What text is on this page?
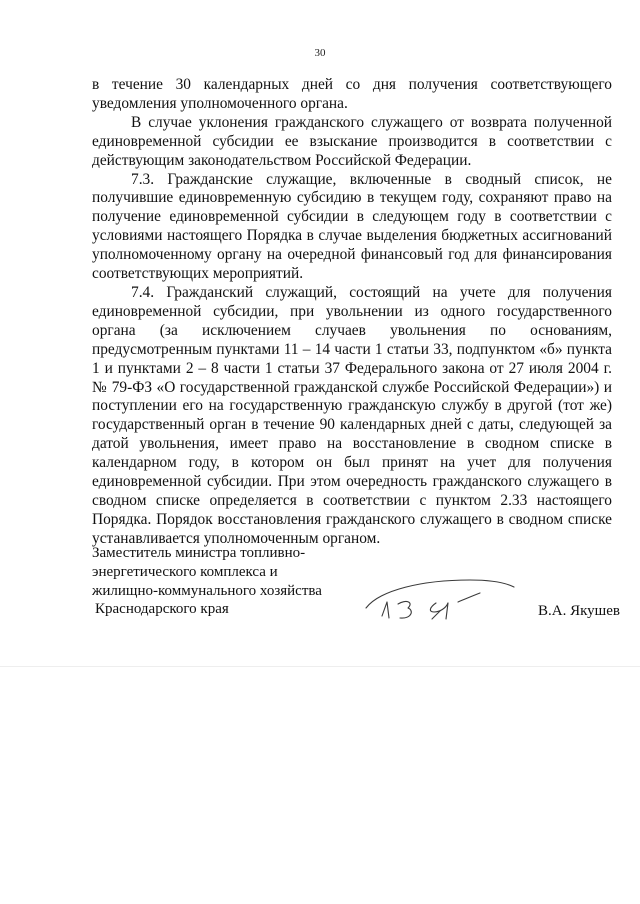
30

в течение 30 календарных дней со дня получения соответствующего уведомления уполномоченного органа.

В случае уклонения гражданского служащего от возврата полученной единовременной субсидии ее взыскание производится в соответствии с действующим законодательством Российской Федерации.

7.3. Гражданские служащие, включенные в сводный список, не получившие единовременную субсидию в текущем году, сохраняют право на получение единовременной субсидии в следующем году в соответствии с условиями настоящего Порядка в случае выделения бюджетных ассигнований уполномоченному органу на очередной финансовый год для финансирования соответствующих мероприятий.

7.4. Гражданский служащий, состоящий на учете для получения единовременной субсидии, при увольнении из одного государственного органа (за исключением случаев увольнения по основаниям, предусмотренным пунктами 11 – 14 части 1 статьи 33, подпунктом «б» пункта 1 и пунктами 2 – 8 части 1 статьи 37 Федерального закона от 27 июля 2004 г. № 79-ФЗ «О государственной гражданской службе Российской Федерации») и поступлении его на государственную гражданскую службу в другой (тот же) государственный орган в течение 90 календарных дней с даты, следующей за датой увольнения, имеет право на восстановление в сводном списке в календарном году, в котором он был принят на учет для получения единовременной субсидии. При этом очередность гражданского служащего в сводном списке определяется в соответствии с пунктом 2.33 настоящего Порядка. Порядок восстановления гражданского служащего в сводном списке устанавливается уполномоченным органом.

Заместитель министра топливно-
энергетического комплекса и
жилищно-коммунального хозяйства
Краснодарского края	В.А. Якушев
